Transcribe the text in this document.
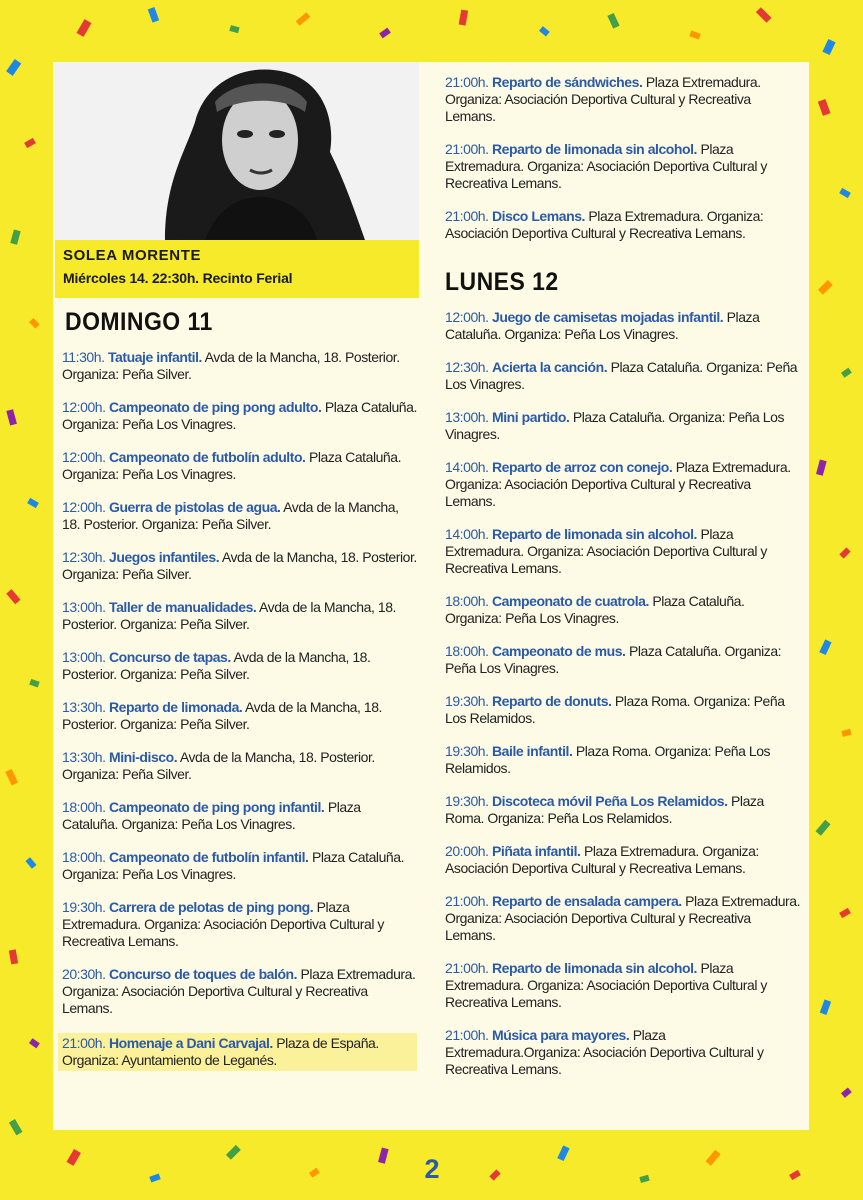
SOLEA MORENTE
Miércoles 14. 22:30h. Recinto Ferial
DOMINGO 11
11:30h. Tatuaje infantil. Avda de la Mancha, 18. Posterior. Organiza: Peña Silver.
12:00h. Campeonato de ping pong adulto. Plaza Cataluña. Organiza: Peña Los Vinagres.
12:00h. Campeonato de futbolín adulto. Plaza Cataluña. Organiza: Peña Los Vinagres.
12:00h. Guerra de pistolas de agua. Avda de la Mancha, 18. Posterior. Organiza: Peña Silver.
12:30h. Juegos infantiles. Avda de la Mancha, 18. Posterior. Organiza: Peña Silver.
13:00h. Taller de manualidades. Avda de la Mancha, 18. Posterior. Organiza: Peña Silver.
13:00h. Concurso de tapas. Avda de la Mancha, 18. Posterior. Organiza: Peña Silver.
13:30h. Reparto de limonada. Avda de la Mancha, 18. Posterior. Organiza: Peña Silver.
13:30h. Mini-disco. Avda de la Mancha, 18. Posterior. Organiza: Peña Silver.
18:00h. Campeonato de ping pong infantil. Plaza Cataluña. Organiza: Peña Los Vinagres.
18:00h. Campeonato de futbolín infantil. Plaza Cataluña. Organiza: Peña Los Vinagres.
19:30h. Carrera de pelotas de ping pong. Plaza Extremadura. Organiza: Asociación Deportiva Cultural y Recreativa Lemans.
20:30h. Concurso de toques de balón. Plaza Extremadura. Organiza: Asociación Deportiva Cultural y Recreativa Lemans.
21:00h. Homenaje a Dani Carvajal. Plaza de España. Organiza: Ayuntamiento de Leganés.
21:00h. Reparto de sándwiches. Plaza Extremadura. Organiza: Asociación Deportiva Cultural y Recreativa Lemans.
21:00h. Reparto de limonada sin alcohol. Plaza Extremadura. Organiza: Asociación Deportiva Cultural y Recreativa Lemans.
21:00h. Disco Lemans. Plaza Extremadura. Organiza: Asociación Deportiva Cultural y Recreativa Lemans.
LUNES 12
12:00h. Juego de camisetas mojadas infantil. Plaza Cataluña. Organiza: Peña Los Vinagres.
12:30h. Acierta la canción. Plaza Cataluña. Organiza: Peña Los Vinagres.
13:00h. Mini partido. Plaza Cataluña. Organiza: Peña Los Vinagres.
14:00h. Reparto de arroz con conejo. Plaza Extremadura. Organiza: Asociación Deportiva Cultural y Recreativa Lemans.
14:00h. Reparto de limonada sin alcohol. Plaza Extremadura. Organiza: Asociación Deportiva Cultural y Recreativa Lemans.
18:00h. Campeonato de cuatrola. Plaza Cataluña. Organiza: Peña Los Vinagres.
18:00h. Campeonato de mus. Plaza Cataluña. Organiza: Peña Los Vinagres.
19:30h. Reparto de donuts. Plaza Roma. Organiza: Peña Los Relamidos.
19:30h. Baile infantil. Plaza Roma. Organiza: Peña Los Relamidos.
19:30h. Discoteca móvil Peña Los Relamidos. Plaza Roma. Organiza: Peña Los Relamidos.
20:00h. Piñata infantil. Plaza Extremadura. Organiza: Asociación Deportiva Cultural y Recreativa Lemans.
21:00h. Reparto de ensalada campera. Plaza Extremadura. Organiza: Asociación Deportiva Cultural y Recreativa Lemans.
21:00h. Reparto de limonada sin alcohol. Plaza Extremadura. Organiza: Asociación Deportiva Cultural y Recreativa Lemans.
21:00h. Música para mayores. Plaza Extremadura.Organiza: Asociación Deportiva Cultural y Recreativa Lemans.
2
